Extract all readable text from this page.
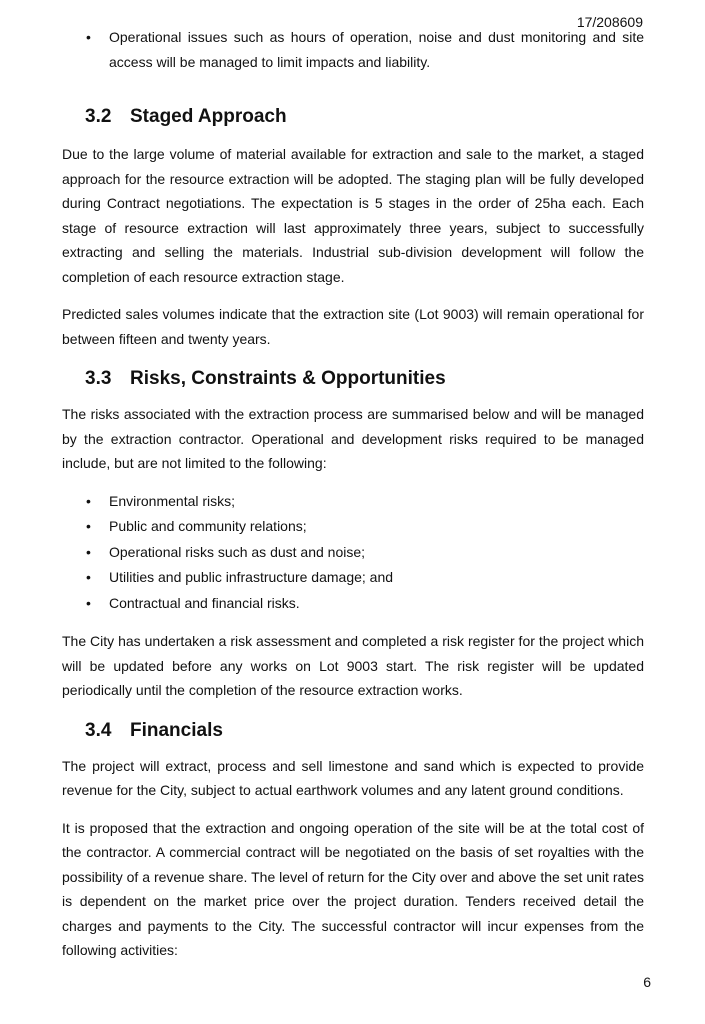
17/208609
• Operational issues such as hours of operation, noise and dust monitoring and site access will be managed to limit impacts and liability.
3.2 Staged Approach

Due to the large volume of material available for extraction and sale to the market, a staged approach for the resource extraction will be adopted. The staging plan will be fully developed during Contract negotiations. The expectation is 5 stages in the order of 25ha each. Each stage of resource extraction will last approximately three years, subject to successfully extracting and selling the materials. Industrial sub-division development will follow the completion of each resource extraction stage.

Predicted sales volumes indicate that the extraction site (Lot 9003) will remain operational for between fifteen and twenty years.

3.3 Risks, Constraints & Opportunities

The risks associated with the extraction process are summarised below and will be managed by the extraction contractor. Operational and development risks required to be managed include, but are not limited to the following:

• Environmental risks;
• Public and community relations;
• Operational risks such as dust and noise;
• Utilities and public infrastructure damage; and
• Contractual and financial risks.

The City has undertaken a risk assessment and completed a risk register for the project which will be updated before any works on Lot 9003 start. The risk register will be updated periodically until the completion of the resource extraction works.

3.4 Financials

The project will extract, process and sell limestone and sand which is expected to provide revenue for the City, subject to actual earthwork volumes and any latent ground conditions.

It is proposed that the extraction and ongoing operation of the site will be at the total cost of the contractor. A commercial contract will be negotiated on the basis of set royalties with the possibility of a revenue share. The level of return for the City over and above the set unit rates is dependent on the market price over the project duration. Tenders received detail the charges and payments to the City. The successful contractor will incur expenses from the following activities:

6
